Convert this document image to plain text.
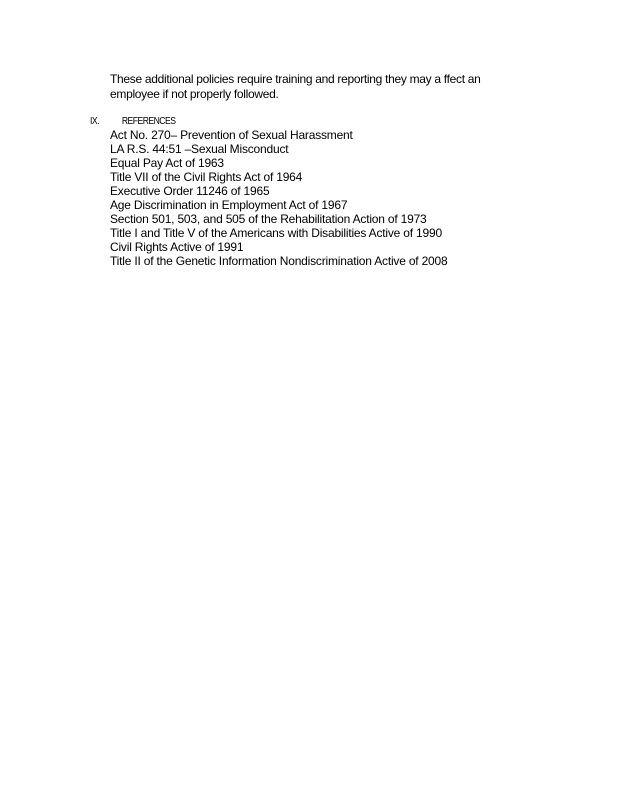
These additional policies require training and reporting they may a ffect an

employee if not properly followed.

IX. REFERENCES
Act No. 270– Prevention of Sexual Harassment
LA R.S. 44:51 –Sexual Misconduct
Equal Pay Act of 1963
Title VII of the Civil Rights Act of 1964
Executive Order 11246 of 1965
Age Discrimination in Employment Act of 1967
Section 501, 503, and 505 of the Rehabilitation Action of 1973
Title I and Title V of the Americans with Disabilities Active of 1990
Civil Rights Active of 1991
Title II of the Genetic Information Nondiscrimination Active of 2008
